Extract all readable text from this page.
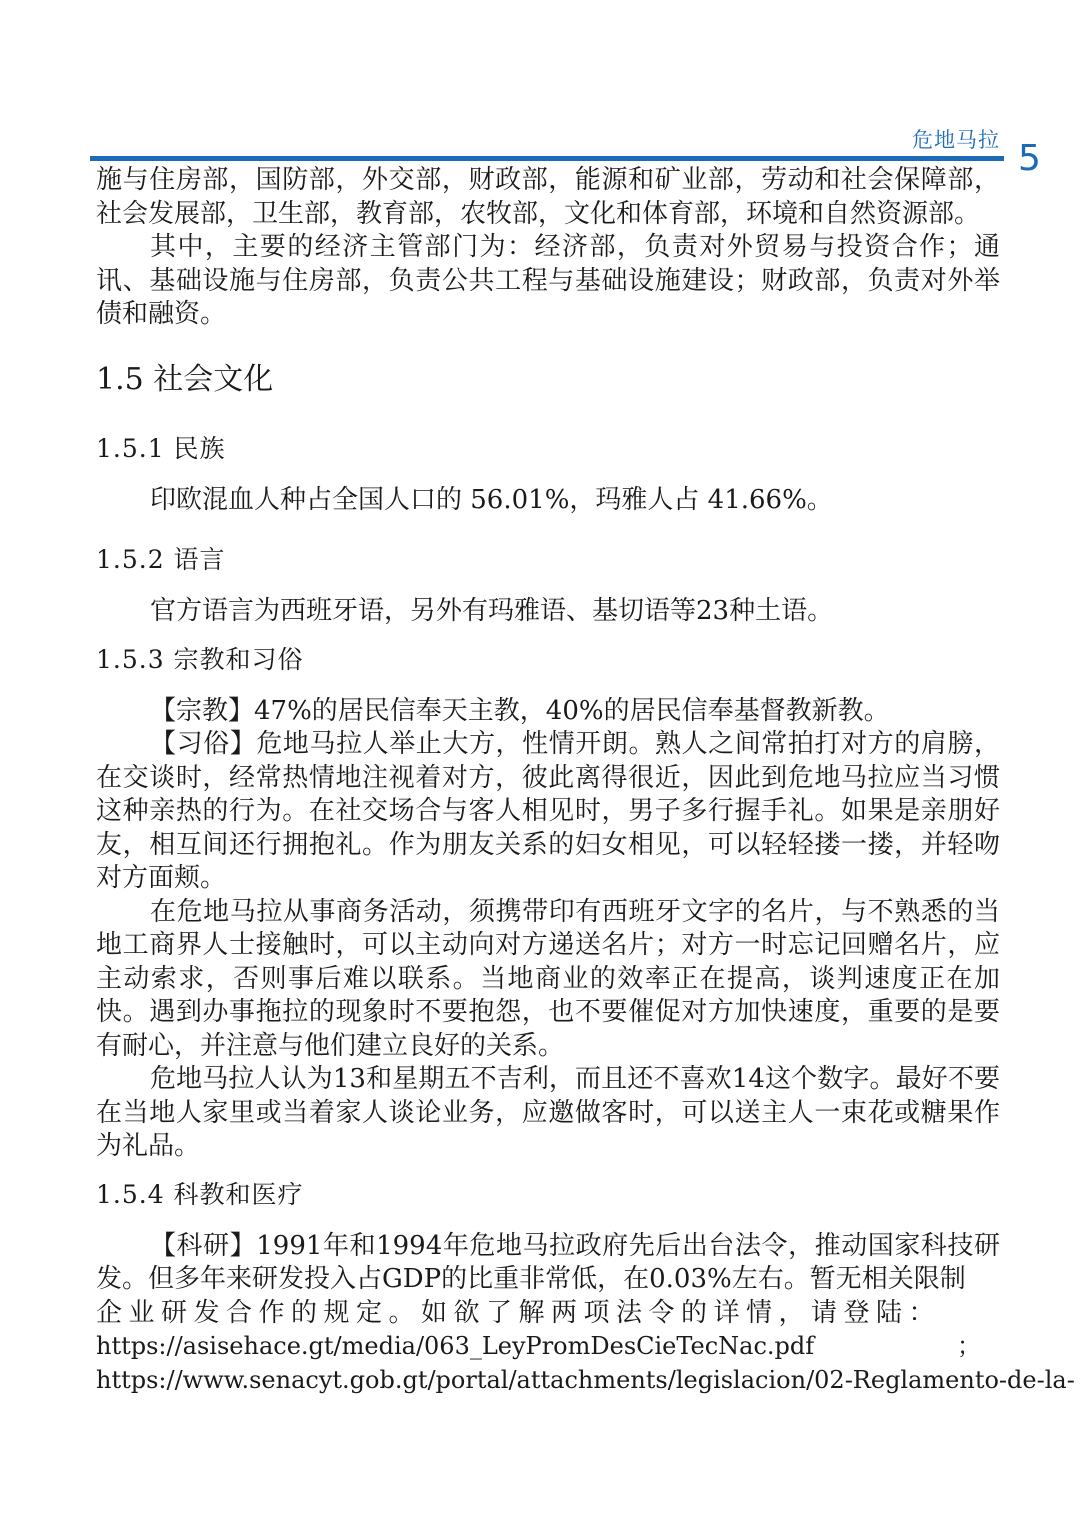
危地马拉 5

施与住房部，国防部，外交部，财政部，能源和矿业部，劳动和社会保障部，社会发展部，卫生部，教育部，农牧部，文化和体育部，环境和自然资源部。

其中，主要的经济主管部门为：经济部，负责对外贸易与投资合作；通讯、基础设施与住房部，负责公共工程与基础设施建设；财政部，负责对外举债和融资。

1.5 社会文化
1.5.1 民族

印欧混血人种占全国人口的 56.01%，玛雅人占 41.66%。

1.5.2 语言

官方语言为西班牙语，另外有玛雅语、基切语等23种土语。

1.5.3 宗教和习俗

【宗教】47%的居民信奉天主教，40%的居民信奉基督教新教。

【习俗】危地马拉人举止大方，性情开朗。熟人之间常拍打对方的肩膀，在交谈时，经常热情地注视着对方，彼此离得很近，因此到危地马拉应当习惯这种亲热的行为。在社交场合与客人相见时，男子多行握手礼。如果是亲朋好友，相互间还行拥抱礼。作为朋友关系的妇女相见，可以轻轻搂一搂，并轻吻对方面颊。

在危地马拉从事商务活动，须携带印有西班牙文字的名片，与不熟悉的当地工商界人士接触时，可以主动向对方递送名片；对方一时忘记回赠名片，应主动索求，否则事后难以联系。当地商业的效率正在提高，谈判速度正在加快。遇到办事拖拉的现象时不要抱怨，也不要催促对方加快速度，重要的是要有耐心，并注意与他们建立良好的关系。

危地马拉人认为13和星期五不吉利，而且还不喜欢14这个数字。最好不要在当地人家里或当着家人谈论业务，应邀做客时，可以送主人一束花或糖果作为礼品。

1.5.4 科教和医疗

【科研】1991年和1994年危地马拉政府先后出台法令，推动国家科技研发。但多年来研发投入占GDP的比重非常低，在0.03%左右。暂无相关限制

企业研发合作的规定。如欲了解两项法令的详情，请登陆：

https://asisehace.gt/media/063_LeyPromDesCieTecNac.pdf	；
https://www.senacyt.gob.gt/portal/attachments/legislacion/02-Reglamento-de-la-
